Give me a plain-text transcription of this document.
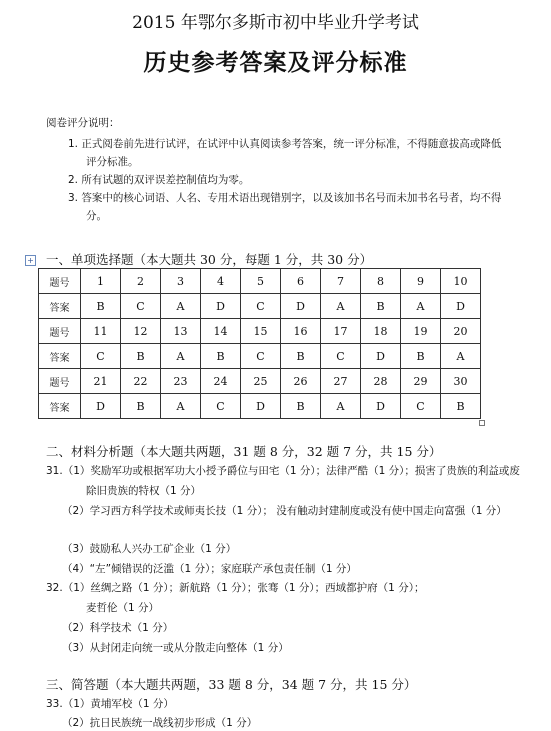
2015 年鄂尔多斯市初中毕业升学考试
历史参考答案及评分标准
阅卷评分说明：
1. 正式阅卷前先进行试评，在试评中认真阅读参考答案，统一评分标准，不得随意拔高或降低
评分标准。
2. 所有试题的双评误差控制值均为零。
3. 答案中的核心词语、人名、专用术语出现错别字，以及该加书名号而未加书名号者，均不得
分。
+ 一、单项选择题（本大题共 30 分，每题 1 分，共 30 分）
题号	1	2	3	4	5	6	7	8	9	10
答案	B	C	A	D	C	D	A	B	A	D
题号	11	12	13	14	15	16	17	18	19	20
答案	C	B	A	B	C	B	C	D	B	A
题号	21	22	23	24	25	26	27	28	29	30
答案	D	B	A	C	D	B	A	D	C	B
二、材料分析题（本大题共两题，31 题 8 分，32 题 7 分，共 15 分）
31.（1）奖励军功或根据军功大小授予爵位与田宅（1 分）；法律严酷（1 分）；损害了贵族的利益或废
除旧贵族的特权（1 分）
（2）学习西方科学技术或师夷长技（1 分）； 没有触动封建制度或没有使中国走向富强（1 分）
（3）鼓励私人兴办工矿企业（1 分）
（4）“左”倾错误的泛滥（1 分）；家庭联产承包责任制（1 分）
32.（1）丝绸之路（1 分）；新航路（1 分）；张骞（1 分）；西域都护府（1 分）；
麦哲伦（1 分）
（2）科学技术（1 分）
（3）从封闭走向统一或从分散走向整体（1 分）
三、简答题（本大题共两题，33 题 8 分，34 题 7 分，共 15 分）
33.（1）黄埔军校（1 分）
（2）抗日民族统一战线初步形成（1 分）
